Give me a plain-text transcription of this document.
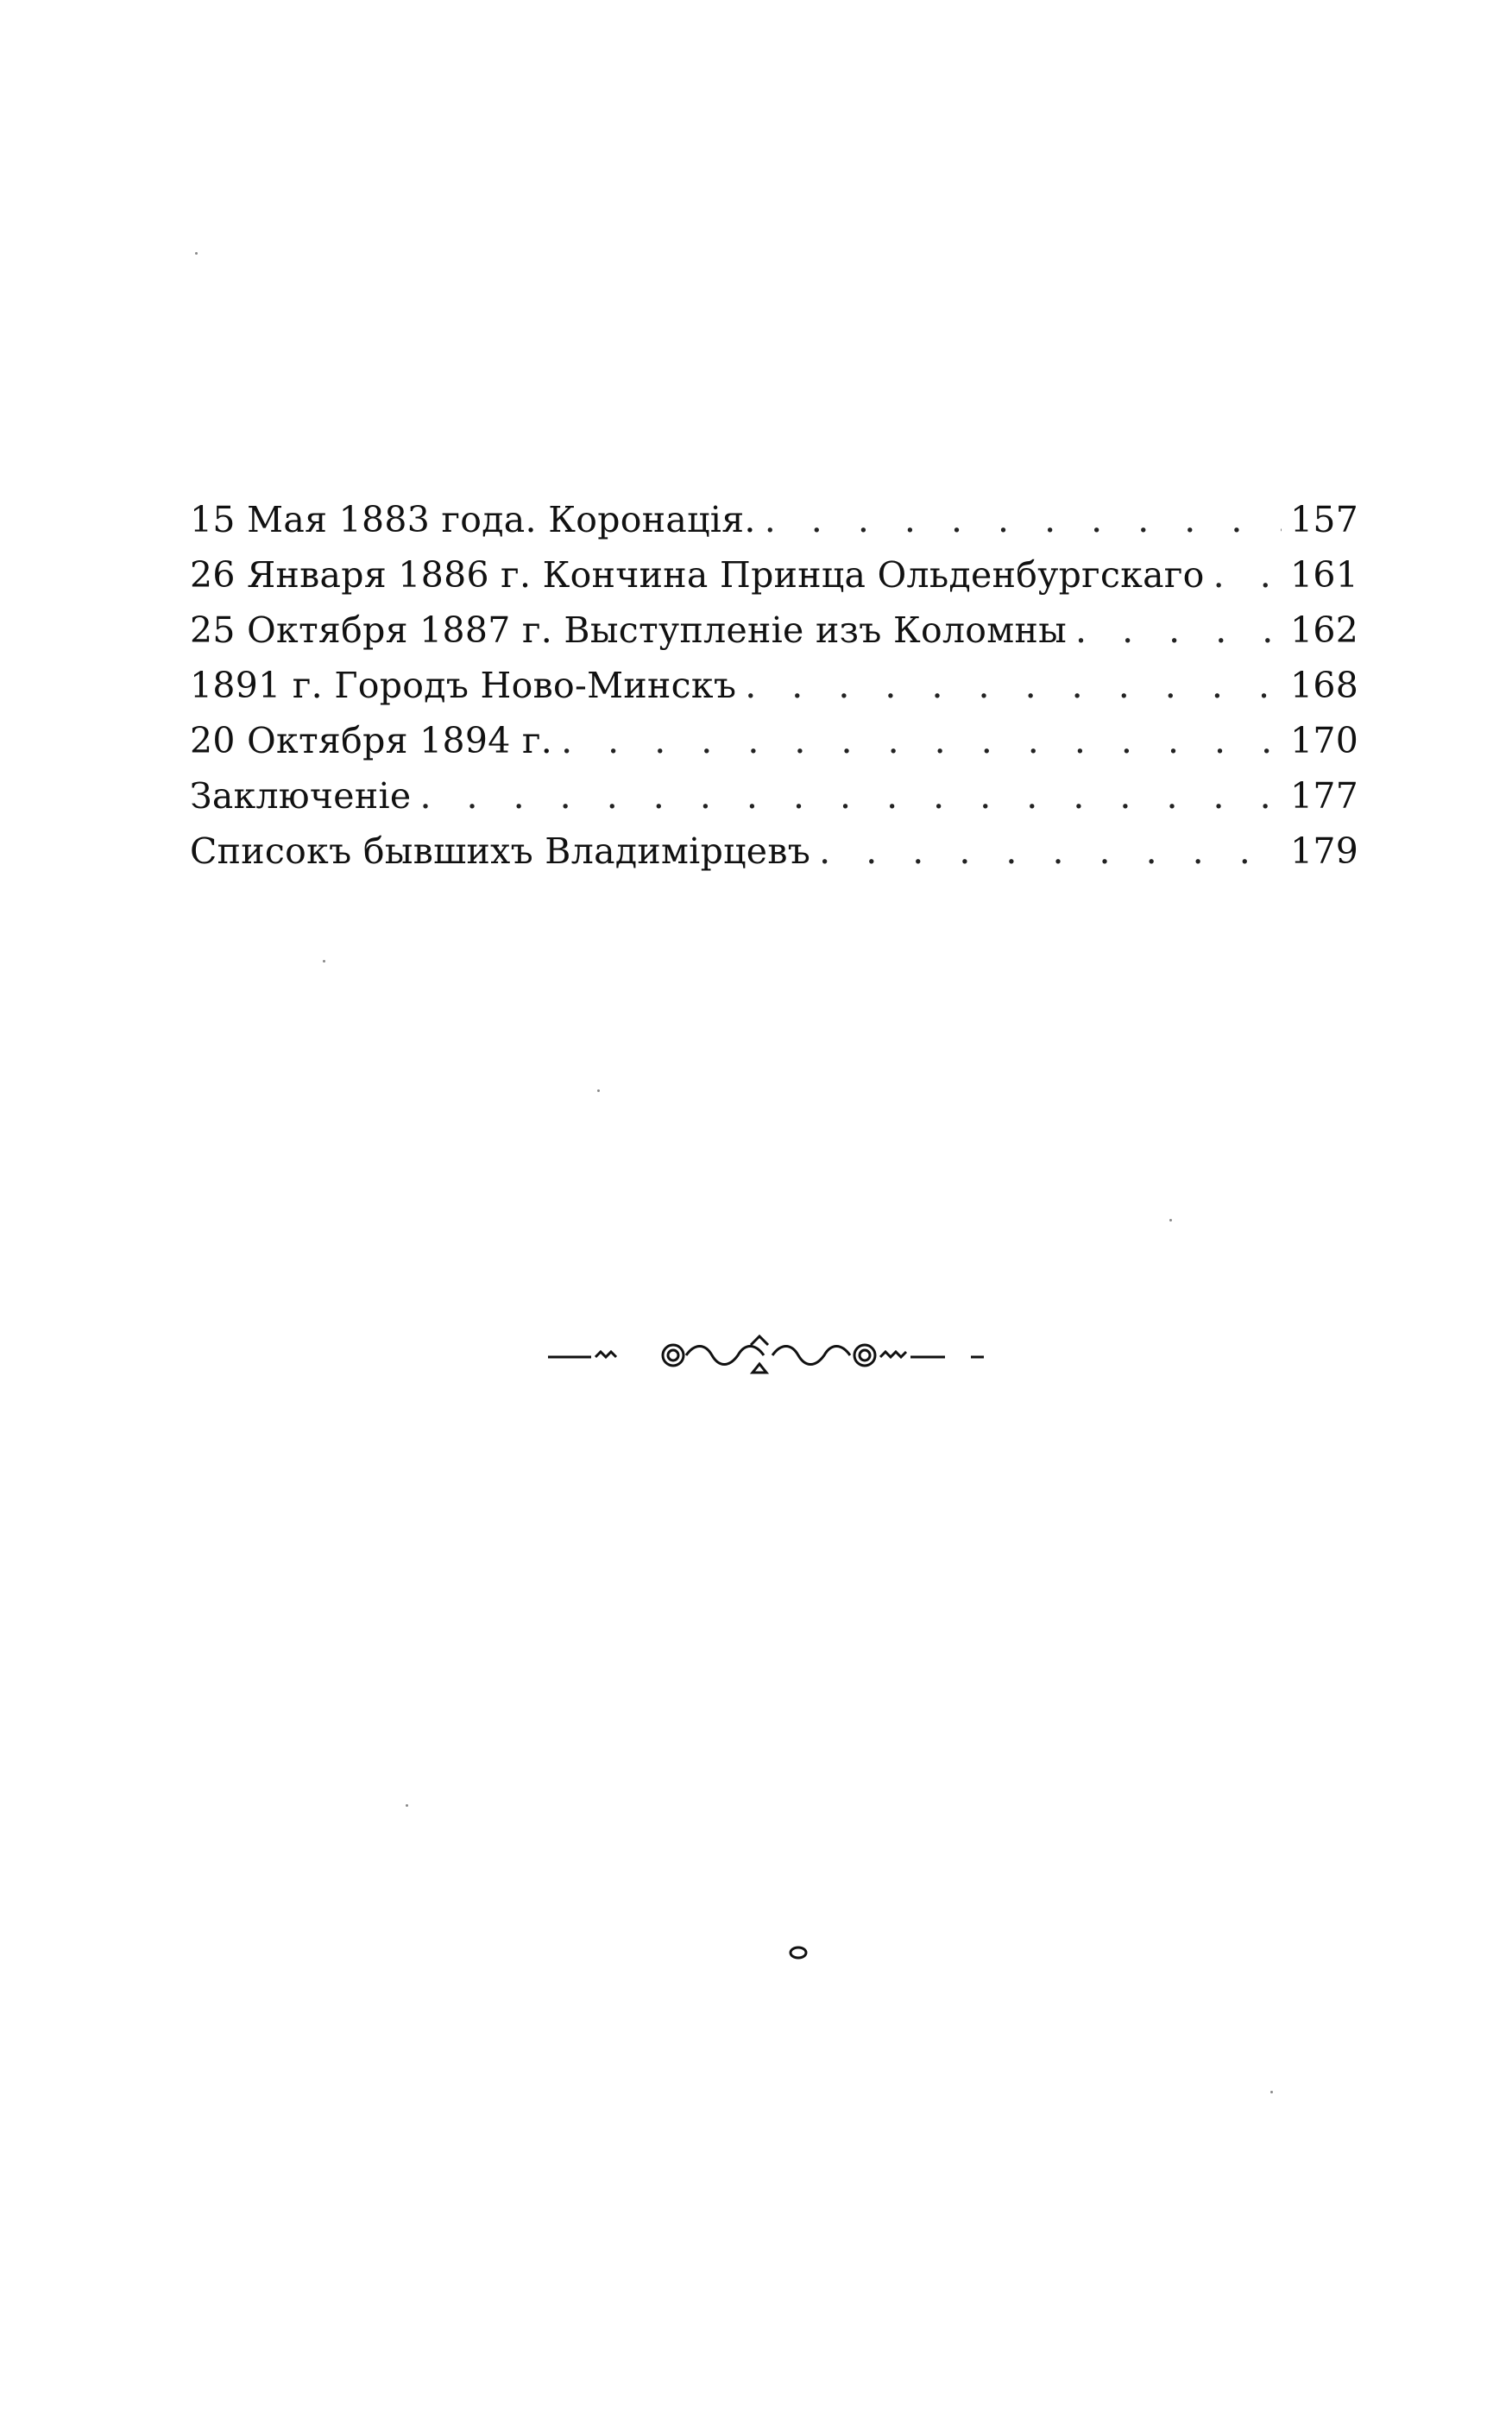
15 Мая 1883 года. Коронація. . . .	157
26 Января 1886 г. Кончина Принца Ольденбургскаго . . . 161
25 Октября 1887 г. Выступленіе изъ Коломны . . .	162
1891 г. Городъ Ново-Минскъ . . .	168
20 Октября 1894 г. . . .	170
Заключеніе . . .	177
Списокъ бывшихъ Владимірцевъ . . .	179
